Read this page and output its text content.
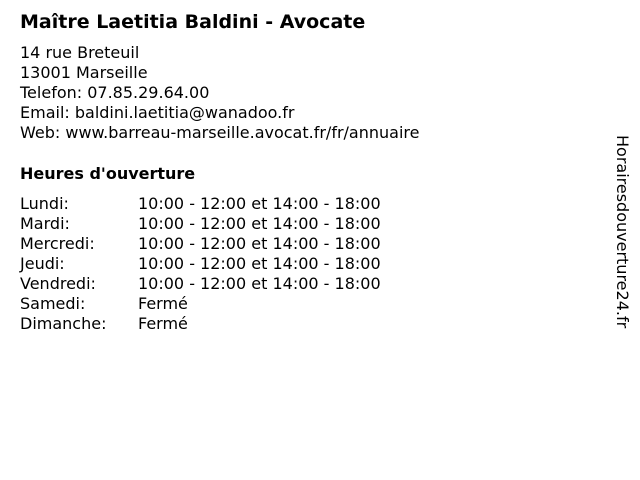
Maître Laetitia Baldini - Avocate
14 rue Breteuil
13001 Marseille
Telefon: 07.85.29.64.00
Email: baldini.laetitia@wanadoo.fr
Web: www.barreau-marseille.avocat.fr/fr/annuaire
Heures d'ouverture
Lundi:	10:00 - 12:00 et 14:00 - 18:00
Mardi:	10:00 - 12:00 et 14:00 - 18:00
Mercredi:	10:00 - 12:00 et 14:00 - 18:00
Jeudi:	10:00 - 12:00 et 14:00 - 18:00
Vendredi:	10:00 - 12:00 et 14:00 - 18:00
Samedi:	Fermé
Dimanche: Fermé	Horairesdouverture24.fr
